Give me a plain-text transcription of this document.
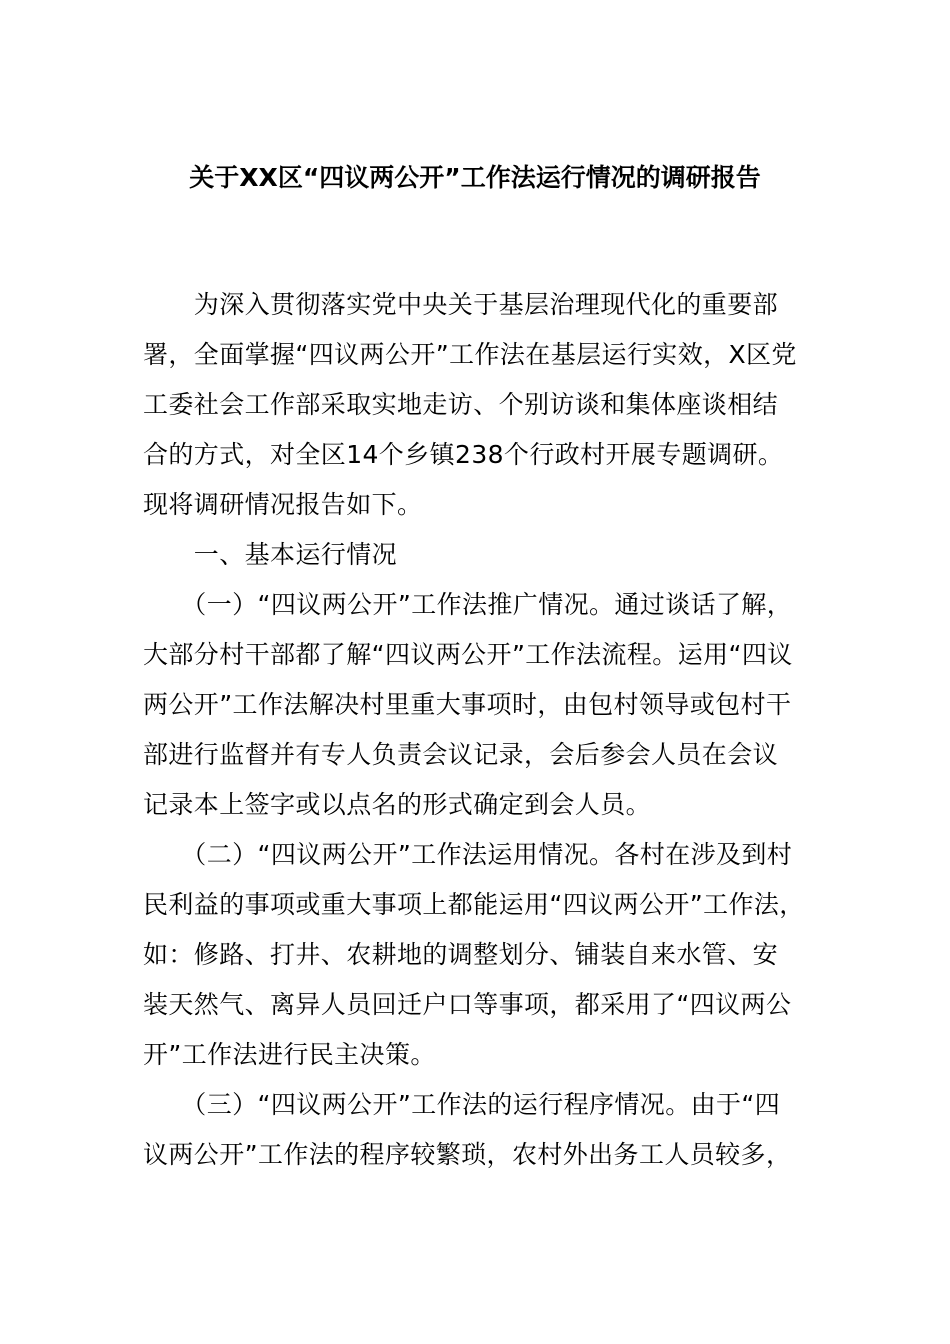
关于XX区“四议两公开”工作法运行情况的调研报告
　　为深入贯彻落实党中央关于基层治理现代化的重要部
署，全面掌握“四议两公开”工作法在基层运行实效，X区党
工委社会工作部采取实地走访、个别访谈和集体座谈相结
合的方式，对全区14个乡镇238个行政村开展专题调研。
现将调研情况报告如下。
　　一、基本运行情况
　　（一）“四议两公开”工作法推广情况。通过谈话了解，
大部分村干部都了解“四议两公开”工作法流程。运用“四议
两公开”工作法解决村里重大事项时，由包村领导或包村干
部进行监督并有专人负责会议记录，会后参会人员在会议
记录本上签字或以点名的形式确定到会人员。
　　（二）“四议两公开”工作法运用情况。各村在涉及到村
民利益的事项或重大事项上都能运用“四议两公开”工作法，
如：修路、打井、农耕地的调整划分、铺装自来水管、安
装天然气、离异人员回迁户口等事项，都采用了“四议两公
开”工作法进行民主决策。
　　（三）“四议两公开”工作法的运行程序情况。由于“四
议两公开”工作法的程序较繁琐，农村外出务工人员较多，
